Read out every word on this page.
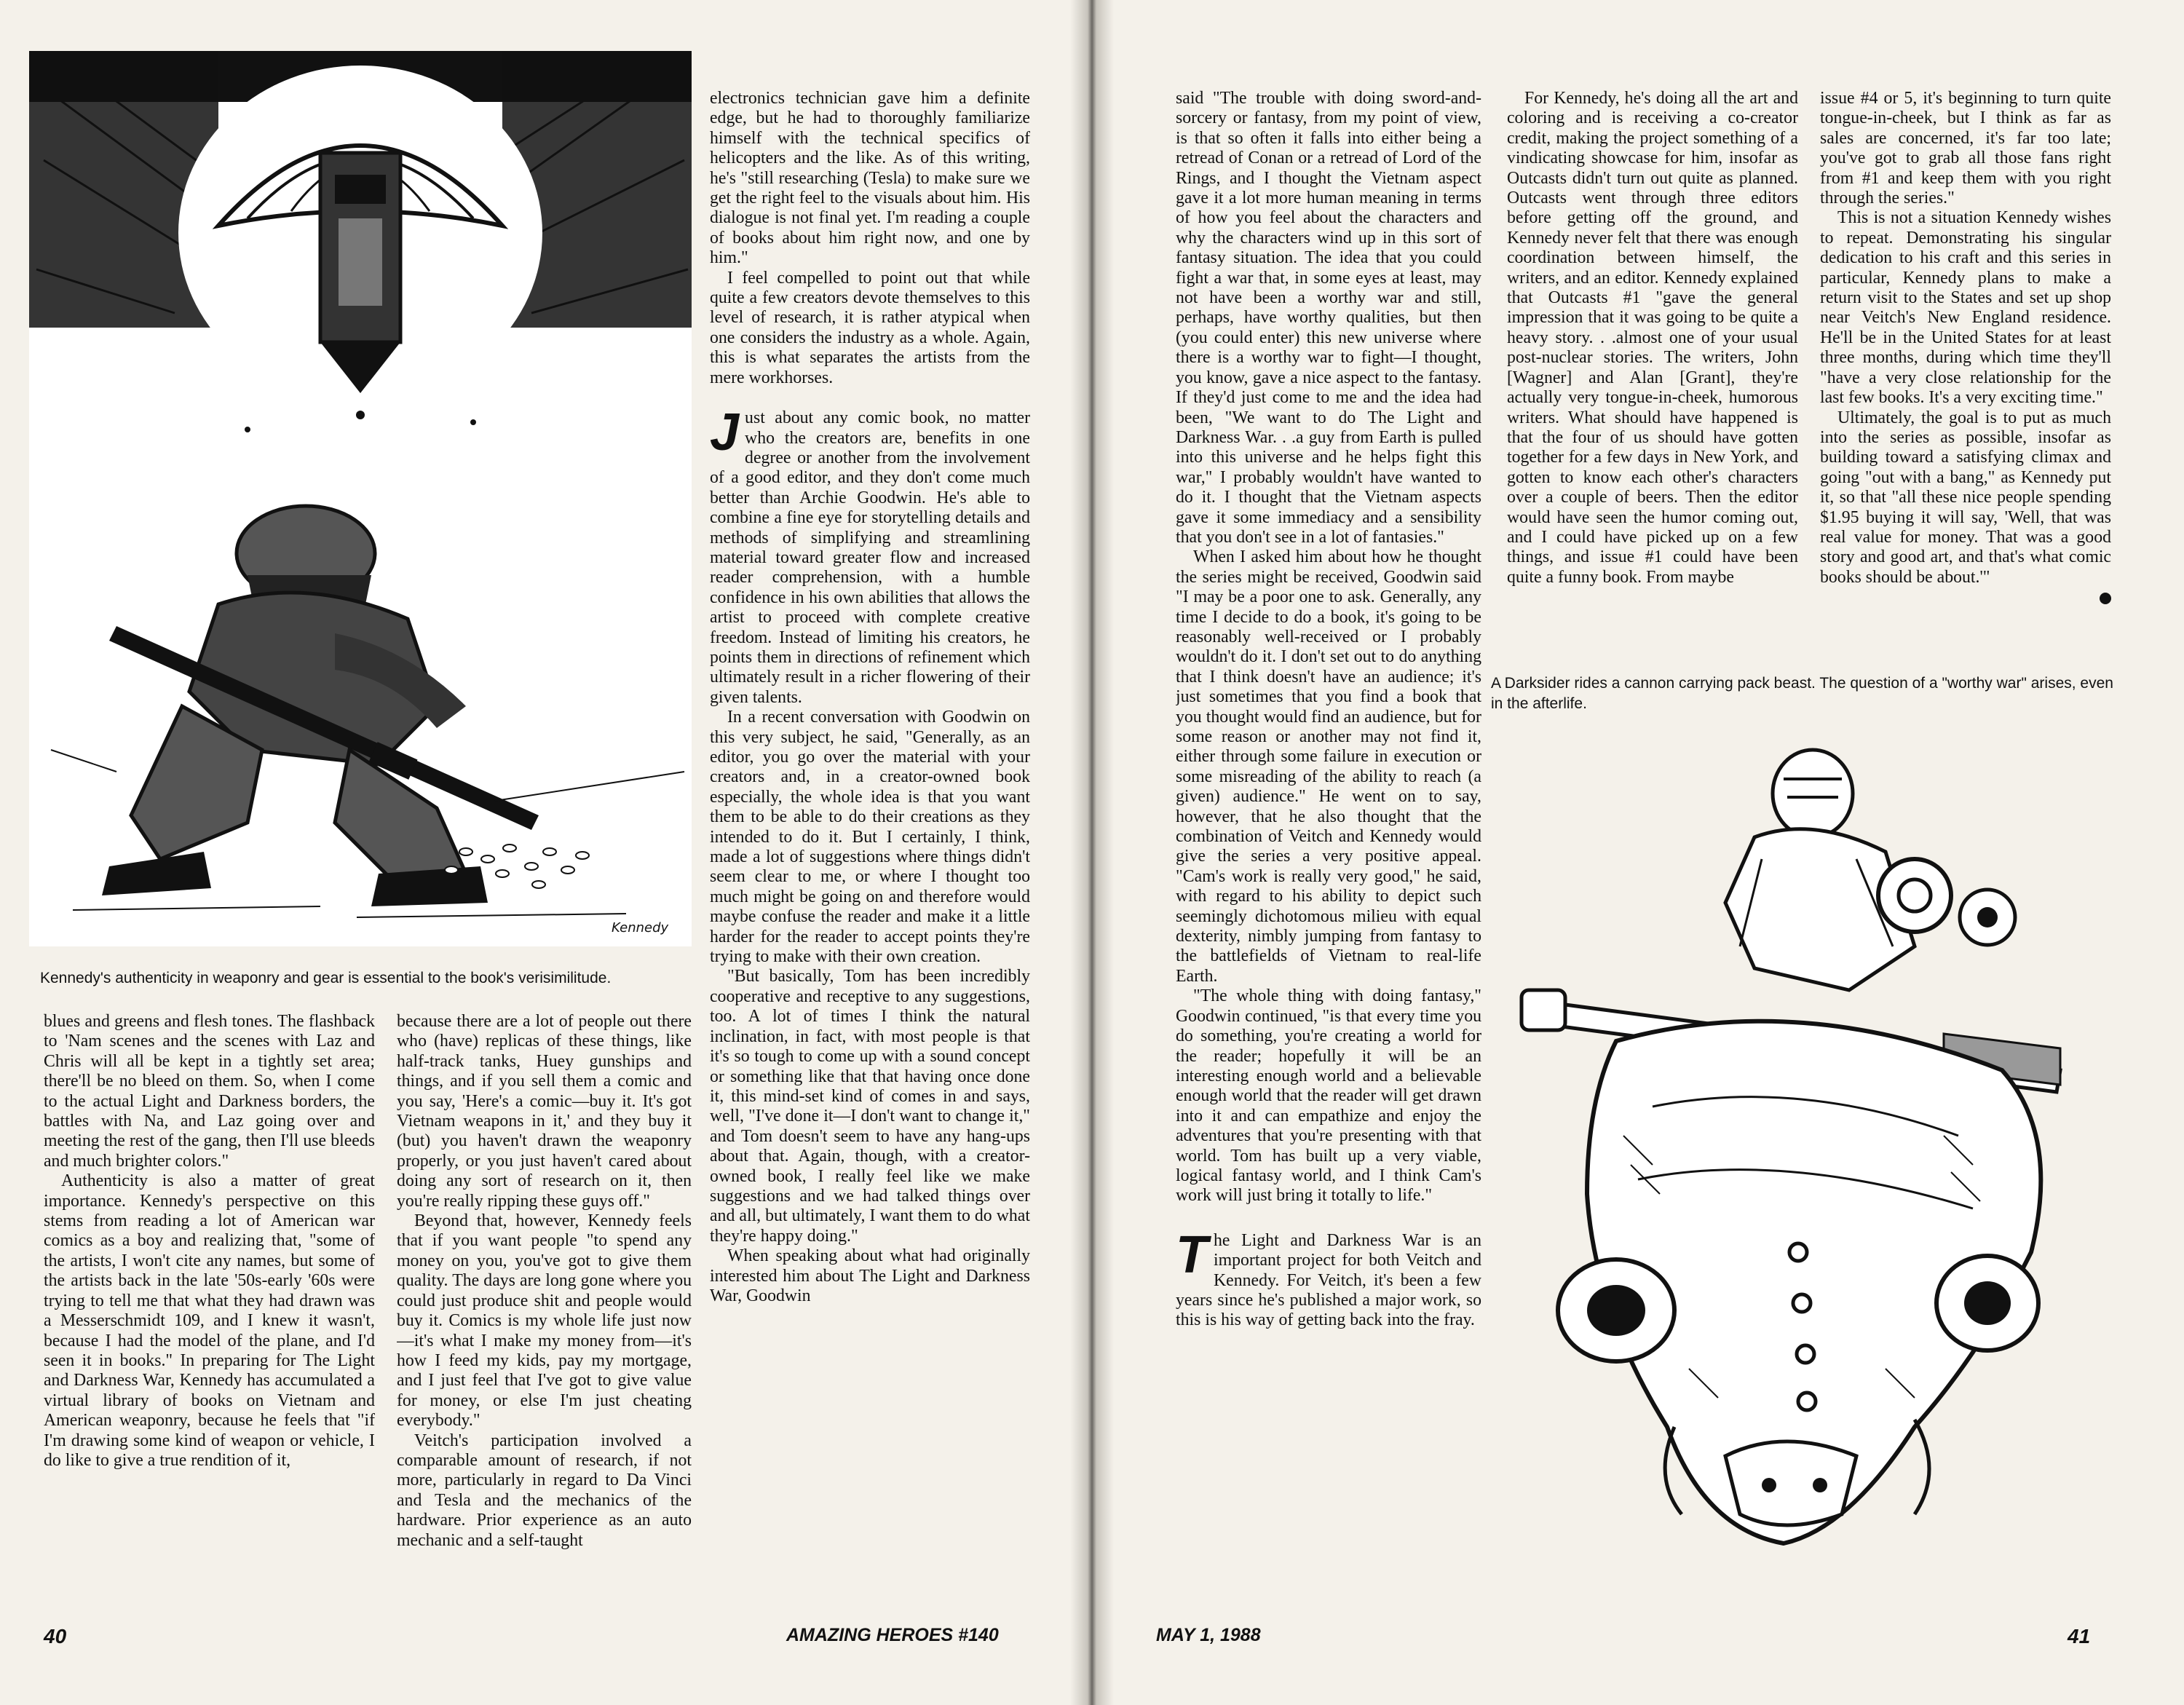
Kennedy
Kennedy's authenticity in weaponry and gear is essential to the book's verisimilitude.

electronics technician gave him a definite edge, but he had to thoroughly familiarize himself with the technical specifics of helicopters and the like. As of this writing, he's "still researching (Tesla) to make sure we get the right feel to the visuals about him. His dialogue is not final yet. I'm reading a couple of books about him right now, and one by him."

I feel compelled to point out that while quite a few creators devote themselves to this level of research, it is rather atypical when one considers the industry as a whole. Again, this is what separates the artists from the mere workhorses.

Just about any comic book, no matter who the creators are, benefits in one degree or another from the involvement of a good editor, and they don't come much better than Archie Goodwin. He's able to combine a fine eye for storytelling details and methods of simplifying and streamlining material toward greater flow and increased reader comprehension, with a humble confidence in his own abilities that allows the artist to proceed with complete creative freedom. Instead of limiting his creators, he points them in directions of refinement which ultimately result in a richer flowering of their given talents.

In a recent conversation with Goodwin on this very subject, he said, "Generally, as an editor, you go over the material with your creators and, in a creator-owned book especially, the whole idea is that you want them to be able to do their creations as they intended to do it. But I certainly, I think, made a lot of suggestions where things didn't seem clear to me, or where I thought too much might be going on and therefore would maybe confuse the reader and make it a little harder for the reader to accept points they're trying to make with their own creation.

"But basically, Tom has been incredibly cooperative and receptive to any suggestions, too. A lot of times I think the natural inclination, in fact, with most people is that it's so tough to come up with a sound concept or something like that that having once done it, this mind-set kind of comes in and says, well, "I've done it—I don't want to change it," and Tom doesn't seem to have any hang-ups about that. Again, though, with a creator-owned book, I really feel like we make suggestions and we had talked things over and all, but ultimately, I want them to do what they're happy doing."

When speaking about what had originally interested him about The Light and Darkness War, Goodwin

blues and greens and flesh tones. The flashback to 'Nam scenes and the scenes with Laz and Chris will all be kept in a tightly set area; there'll be no bleed on them. So, when I come to the actual Light and Darkness borders, the battles with Na, and Laz going over and meeting the rest of the gang, then I'll use bleeds and much brighter colors."

Authenticity is also a matter of great importance. Kennedy's perspective on this stems from reading a lot of American war comics as a boy and realizing that, "some of the artists, I won't cite any names, but some of the artists back in the late '50s-early '60s were trying to tell me that what they had drawn was a Messerschmidt 109, and I knew it wasn't, because I had the model of the plane, and I'd seen it in books." In preparing for The Light and Darkness War, Kennedy has accumulated a virtual library of books on Vietnam and American weaponry, because he feels that "if I'm drawing some kind of weapon or vehicle, I do like to give a true rendition of it,

because there are a lot of people out there who (have) replicas of these things, like half-track tanks, Huey gunships and things, and if you sell them a comic and you say, 'Here's a comic—buy it. It's got Vietnam weapons in it,' and they buy it (but) you haven't drawn the weaponry properly, or you just haven't cared about doing any sort of research on it, then you're really ripping these guys off."

Beyond that, however, Kennedy feels that if you want people "to spend any money on you, you've got to give them quality. The days are long gone where you could just produce shit and people would buy it. Comics is my whole life just now—it's what I make my money from—it's how I feed my kids, pay my mortgage, and I just feel that I've got to give value for money, or else I'm just cheating everybody."

Veitch's participation involved a comparable amount of research, if not more, particularly in regard to Da Vinci and Tesla and the mechanics of the hardware. Prior experience as an auto mechanic and a self-taught

40	AMAZING HEROES #140

said "The trouble with doing sword-and-sorcery or fantasy, from my point of view, is that so often it falls into either being a retread of Conan or a retread of Lord of the Rings, and I thought the Vietnam aspect gave it a lot more human meaning in terms of how you feel about the characters and why the characters wind up in this sort of fantasy situation. The idea that you could fight a war that, in some eyes at least, may not have been a worthy war and still, perhaps, have worthy qualities, but then (you could enter) this new universe where there is a worthy war to fight—I thought, you know, gave a nice aspect to the fantasy. If they'd just come to me and the idea had been, "We want to do The Light and Darkness War. . .a guy from Earth is pulled into this universe and he helps fight this war," I probably wouldn't have wanted to do it. I thought that the Vietnam aspects gave it some immediacy and a sensibility that you don't see in a lot of fantasies."

When I asked him about how he thought the series might be received, Goodwin said "I may be a poor one to ask. Generally, any time I decide to do a book, it's going to be reasonably well-received or I probably wouldn't do it. I don't set out to do anything that I think doesn't have an audience; it's just sometimes that you find a book that you thought would find an audience, but for some reason or another may not find it, either through some failure in execution or some misreading of the ability to reach (a given) audience." He went on to say, however, that he also thought that the combination of Veitch and Kennedy would give the series a very positive appeal. "Cam's work is really very good," he said, with regard to his ability to depict such seemingly dichotomous milieu with equal dexterity, nimbly jumping from fantasy to the battlefields of Vietnam to real-life Earth.

"The whole thing with doing fantasy," Goodwin continued, "is that every time you do something, you're creating a world for the reader; hopefully it will be an interesting enough world and a believable enough world that the reader will get drawn into it and can empathize and enjoy the adventures that you're presenting with that world. Tom has built up a very viable, logical fantasy world, and I think Cam's work will just bring it totally to life."

The Light and Darkness War is an important project for both Veitch and Kennedy. For Veitch, it's been a few years since he's published a major work, so this is his way of getting back into the fray.

For Kennedy, he's doing all the art and coloring and is receiving a co-creator credit, making the project something of a vindicating showcase for him, insofar as Outcasts didn't turn out quite as planned. Outcasts went through three editors before getting off the ground, and Kennedy never felt that there was enough coordination between himself, the writers, and an editor. Kennedy explained that Outcasts #1 "gave the general impression that it was going to be quite a heavy story. . .almost one of your usual post-nuclear stories. The writers, John [Wagner] and Alan [Grant], they're actually very tongue-in-cheek, humorous writers. What should have happened is that the four of us should have gotten together for a few days in New York, and gotten to know each other's characters over a couple of beers. Then the editor would have seen the humor coming out, and I could have picked up on a few things, and issue #1 could have been quite a funny book. From maybe

issue #4 or 5, it's beginning to turn quite tongue-in-cheek, but I think as far as sales are concerned, it's far too late; you've got to grab all those fans right from #1 and keep them with you right through the series."

This is not a situation Kennedy wishes to repeat. Demonstrating his singular dedication to his craft and this series in particular, Kennedy plans to make a return visit to the States and set up shop near Veitch's New England residence. He'll be in the United States for at least three months, during which time they'll "have a very close relationship for the last few books. It's a very exciting time."

Ultimately, the goal is to put as much into the series as possible, insofar as building toward a satisfying climax and going "out with a bang," as Kennedy put it, so that "all these nice people spending $1.95 buying it will say, 'Well, that was real value for money. That was a good story and good art, and that's what comic books should be about.'"

A Darksider rides a cannon carrying pack beast. The question of a "worthy war" arises, even in the afterlife.
MAY 1, 1988	41
